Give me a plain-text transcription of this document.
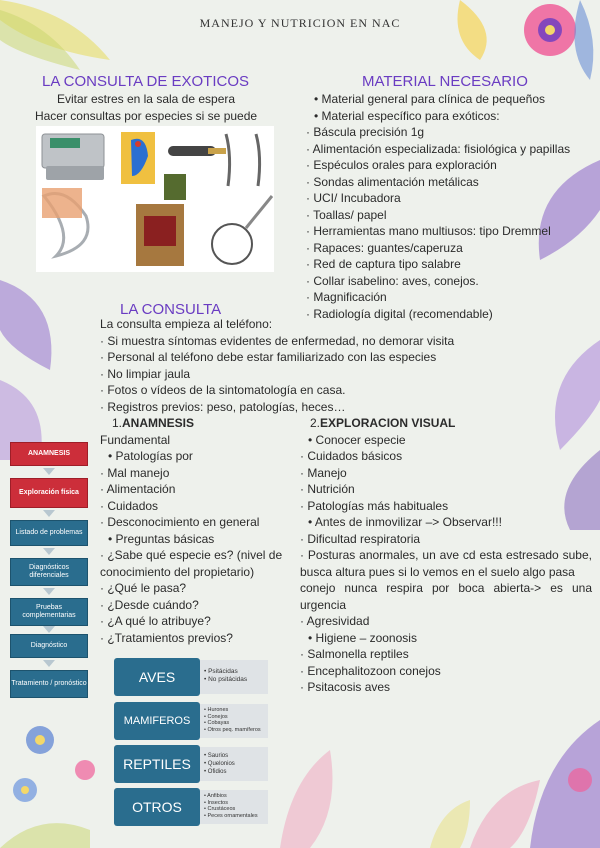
MANEJO Y NUTRICION EN NAC
LA CONSULTA DE EXOTICOS
Evitar estres en la sala de espera
Hacer consultas por especies si se puede
MATERIAL NECESARIO
• Material general para clínica de pequeños
• Material específico para exóticos:
· Báscula precisión 1g
· Alimentación especializada: fisiológica y papillas
· Espéculos orales para exploración
· Sondas alimentación metálicas
· UCI/ Incubadora
· Toallas/ papel
· Herramientas mano multiusos: tipo Dremmel
· Rapaces: guantes/caperuza
· Red de captura tipo salabre
· Collar isabelino: aves, conejos.
· Magnificación
· Radiología digital (recomendable)
LA CONSULTA
La consulta empieza al teléfono:
· Si muestra síntomas evidentes de enfermedad, no demorar visita
· Personal al teléfono debe estar familiarizado con las especies
· No limpiar jaula
· Fotos o vídeos de la sintomatología en casa.
· Registros previos: peso, patologías, heces…
1.ANAMNESIS
Fundamental
• Patologías por
· Mal manejo
· Alimentación
· Cuidados
· Desconocimiento en general
• Preguntas básicas
· ¿Sabe qué especie es? (nivel de
conocimiento del propietario)
· ¿Qué le pasa?
· ¿Desde cuándo?
· ¿A qué lo atribuye?
· ¿Tratamientos previos?
2.EXPLORACION VISUAL
• Conocer especie
· Cuidados básicos
· Manejo
· Nutrición
· Patologías más habituales
• Antes de inmovilizar –> Observar!!!
· Dificultad respiratoria
· Posturas anormales, un ave cd esta estresado sube, busca altura pues si lo vemos en el suelo algo pasa
conejo nunca respira por boca abierta-> es una urgencia
· Agresividad
• Higiene – zoonosis
· Salmonella reptiles
· Encephalitozoon conejos
· Psitacosis aves
ANAMNESIS
Exploración física
Listado de problemas
Diagnósticos diferenciales
Pruebas complementarias
Diagnóstico
Tratamiento / pronóstico	AVES	• Psitácidas
• No psitácidas
MAMIFEROS
• Hurones
• Conejos
• Cobayas
• Otros peq. mamíferos
REPTILES	• Saurios
• Quelonios
• Ofidios
OTROS
• Anfibios
• Insectos
• Crustáceos
• Peces ornamentales
